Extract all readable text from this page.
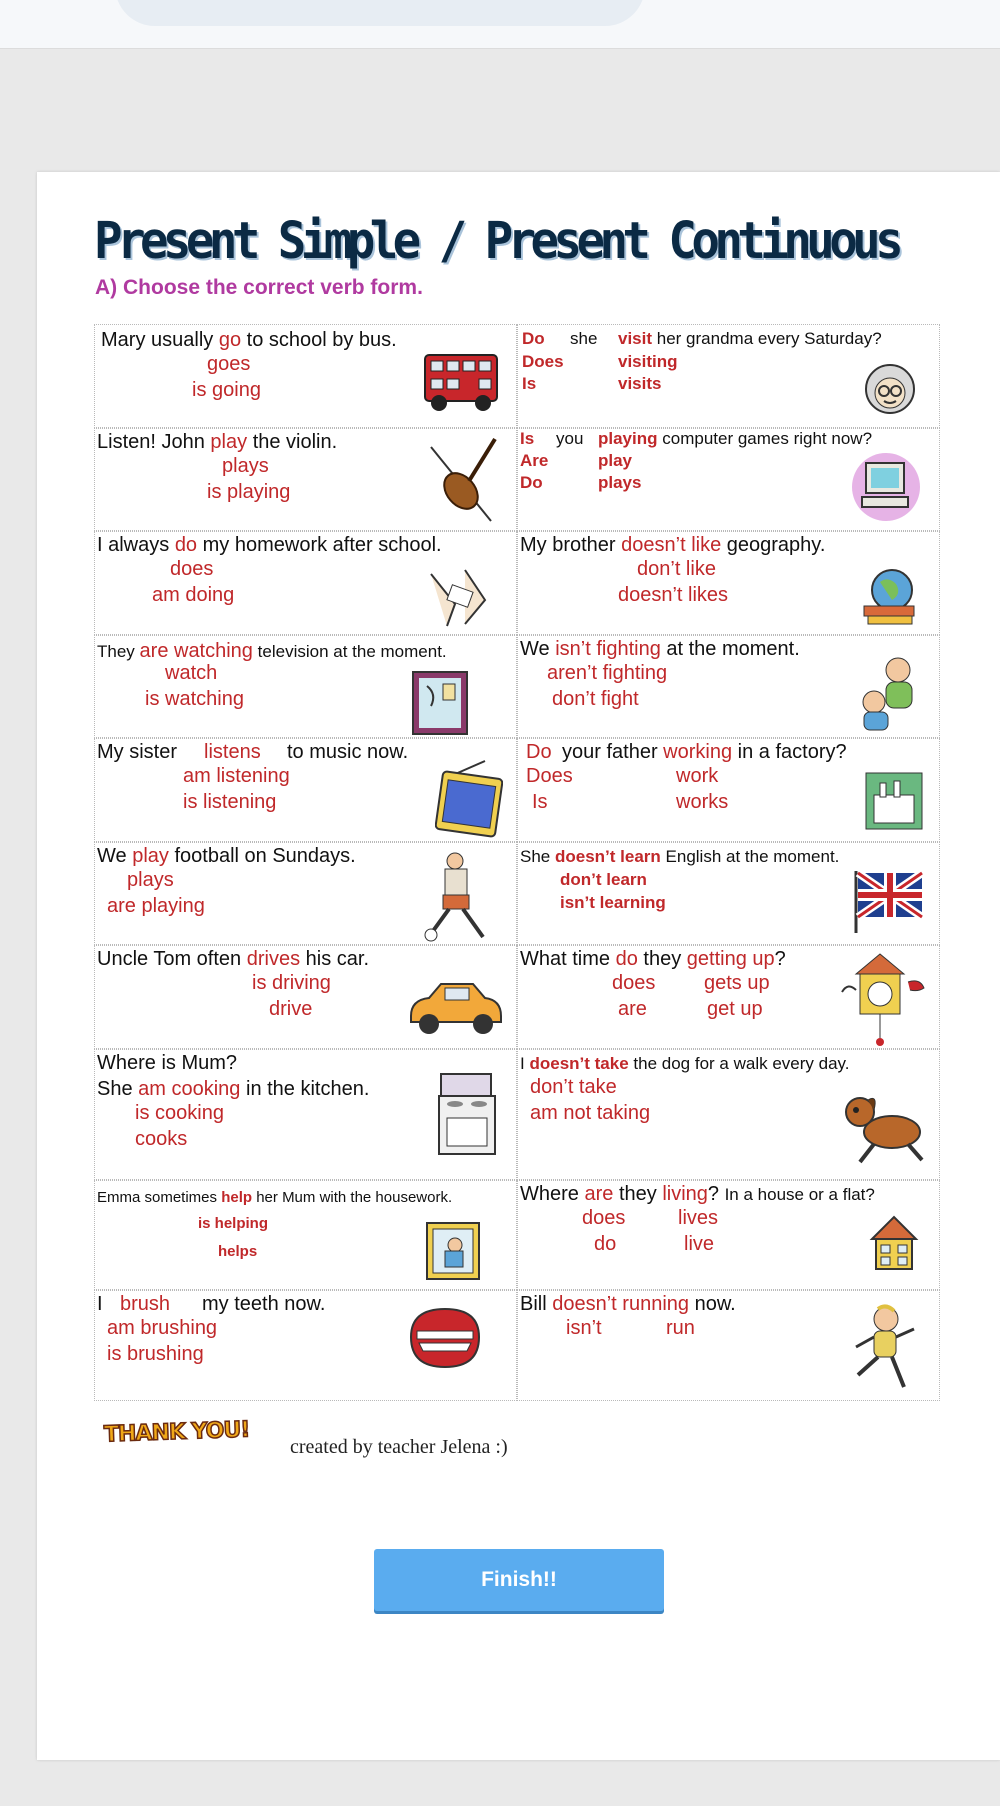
Present Simple / Present Continuous
A) Choose the correct verb form.
Mary usually go to school by bus.
goes
is going
Do she visit her grandma every Saturday?
Does	visiting
Is	visits
Listen! John play the violin.
plays
is playing
Is you playing computer games right now?
Are	play
Do	plays
I always do my homework after school.
does
am doing
My brother doesn’t like geography.
don’t like
doesn’t likes
They are watching television at the moment.
watch
is watching
We isn’t fighting at the moment.
aren’t fighting
don’t fight
My sister listens to music now.
am listening
is listening
Do your father working in a factory?
Does	work
Is	works
We play football on Sundays.
plays
are playing
She doesn’t learn English at the moment.
don’t learn
isn’t learning
Uncle Tom often drives his car.
is driving
drive
What time do they getting up?
does gets up
are	get up
Where is Mum?
She am cooking in the kitchen.
is cooking
cooks
I doesn’t take the dog for a walk every day.
don’t take
am not taking
Emma sometimes help her Mum with the housework.
is helping
helps
Where are they living? In a house or a flat?
does	lives
do	live
I brush my teeth now.
am brushing
is brushing
Bill doesn’t running now.
isn’t	run
THANK YOU! created by teacher Jelena :)
Finish!!
